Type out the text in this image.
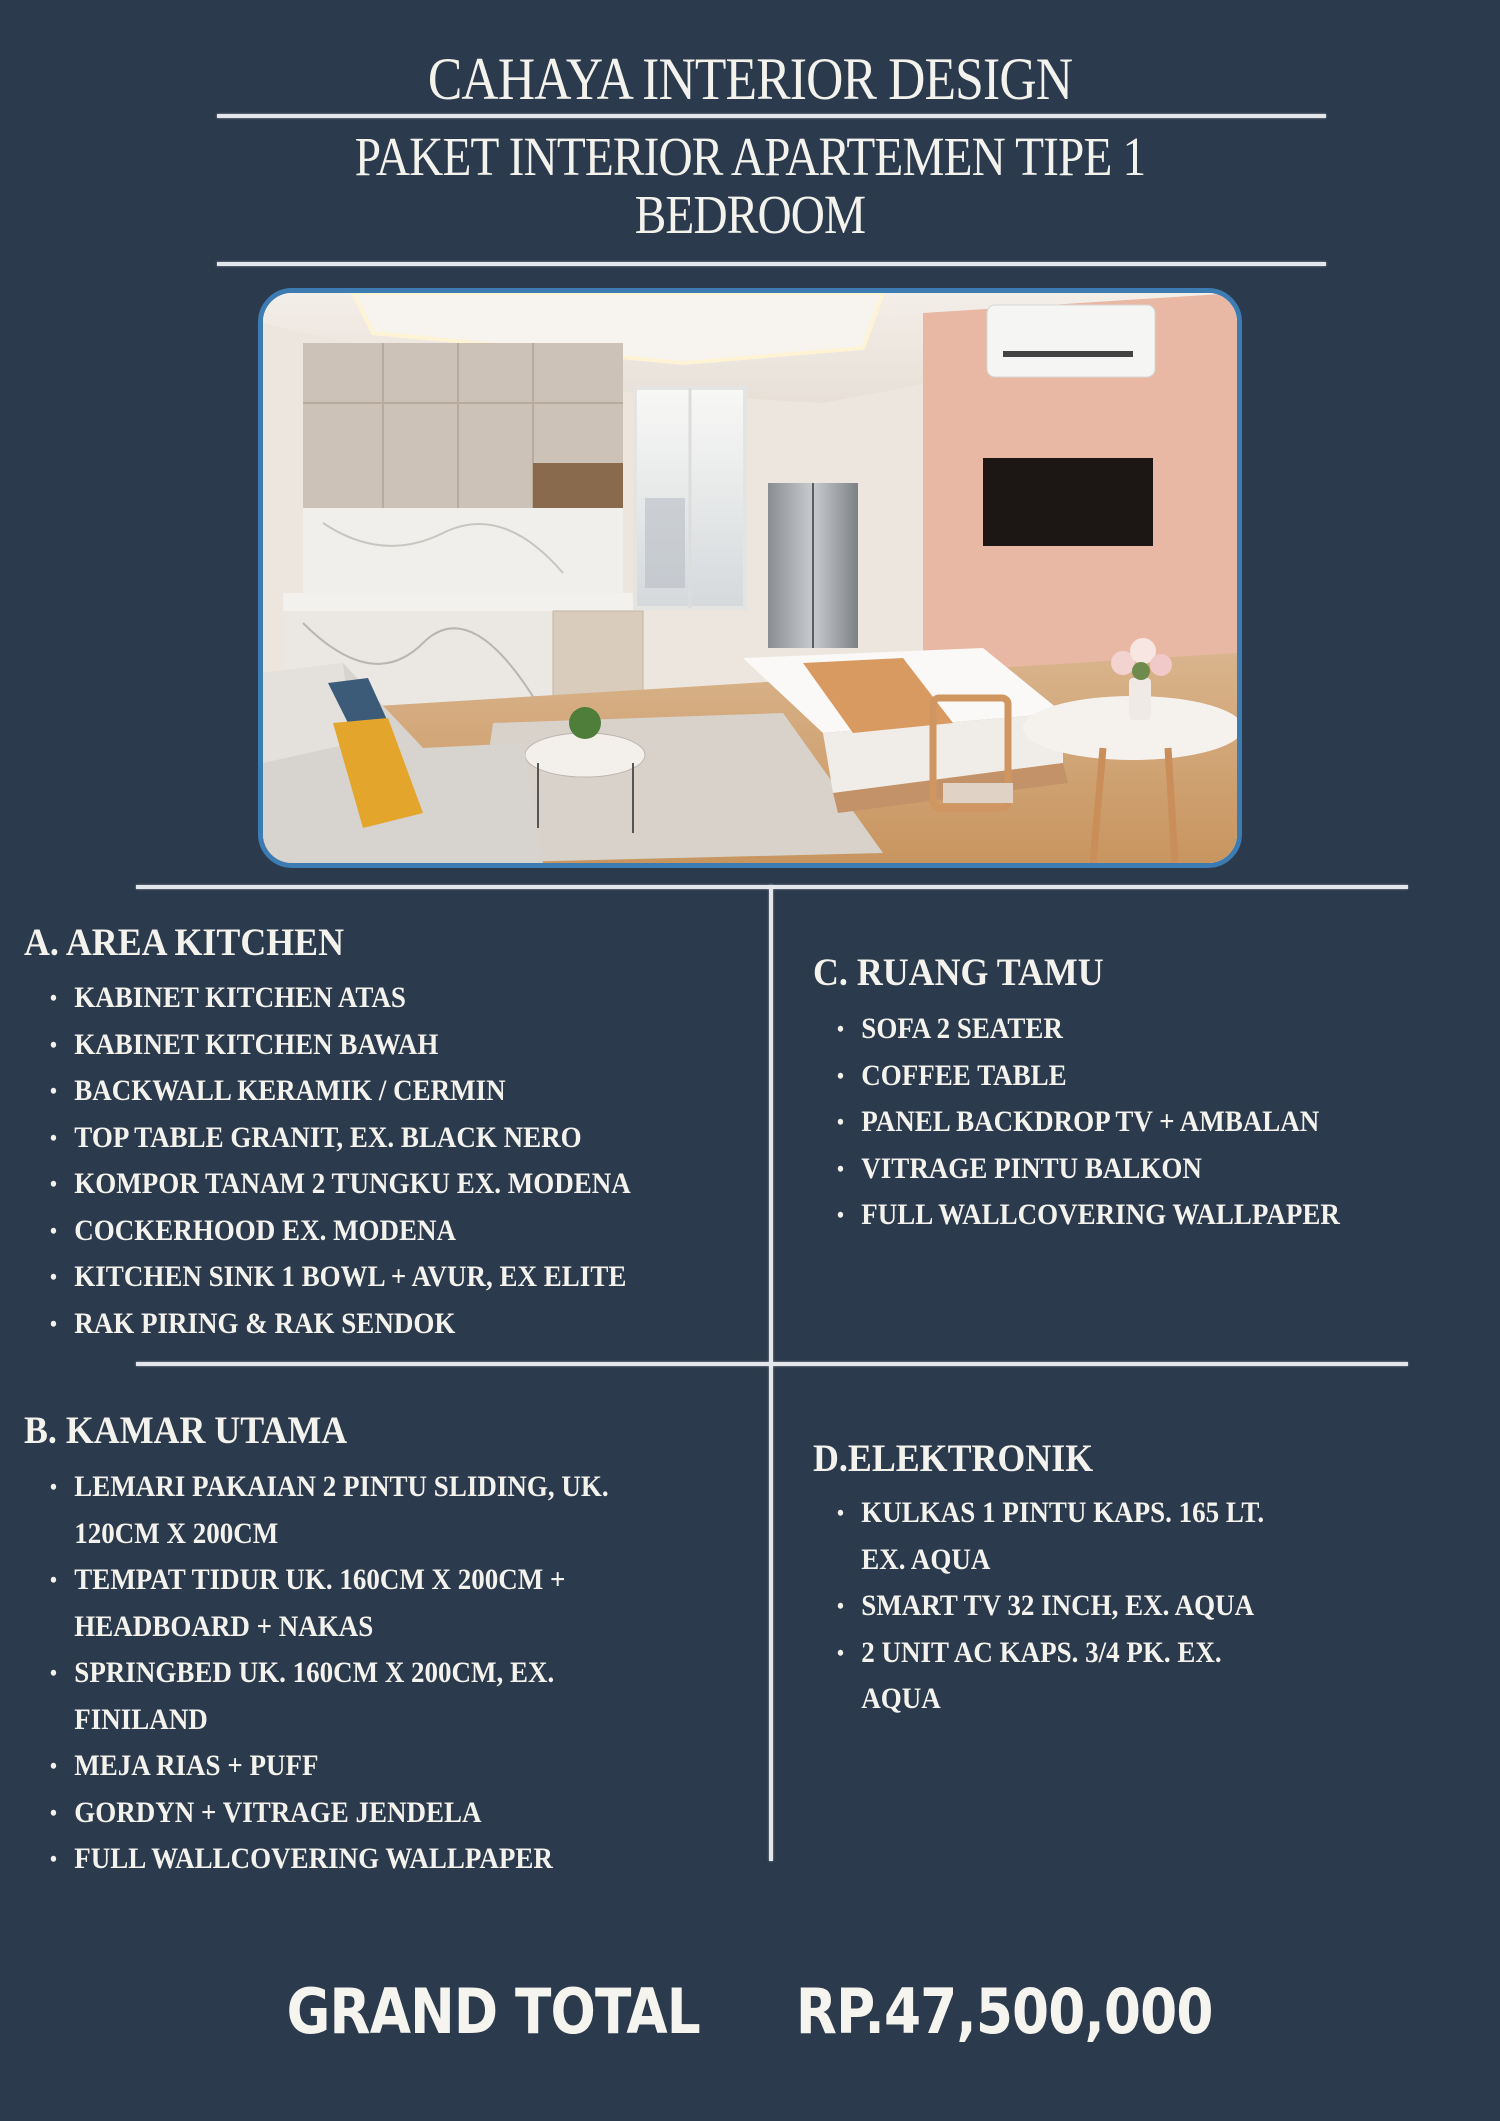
CAHAYA INTERIOR DESIGN
PAKET INTERIOR APARTEMEN TIPE 1
BEDROOM
A. AREA KITCHEN
• KABINET KITCHEN ATAS
• KABINET KITCHEN BAWAH
• BACKWALL KERAMIK / CERMIN
• TOP TABLE GRANIT, EX. BLACK NERO
• KOMPOR TANAM 2 TUNGKU EX. MODENA
• COCKERHOOD EX. MODENA
• KITCHEN SINK 1 BOWL + AVUR, EX ELITE
• RAK PIRING & RAK SENDOK
C. RUANG TAMU
• SOFA 2 SEATER
• COFFEE TABLE
• PANEL BACKDROP TV + AMBALAN
• VITRAGE PINTU BALKON
• FULL WALLCOVERING WALLPAPER
B. KAMAR UTAMA
• LEMARI PAKAIAN 2 PINTU SLIDING, UK.
120CM X 200CM
• TEMPAT TIDUR UK. 160CM X 200CM +
HEADBOARD + NAKAS
• SPRINGBED UK. 160CM X 200CM, EX.
FINILAND
• MEJA RIAS + PUFF
• GORDYN + VITRAGE JENDELA
• FULL WALLCOVERING WALLPAPER
D.ELEKTRONIK
• KULKAS 1 PINTU KAPS. 165 LT.
EX. AQUA
• SMART TV 32 INCH, EX. AQUA
• 2 UNIT AC KAPS. 3/4 PK. EX.
AQUA
GRAND TOTAL RP.47,500,000
